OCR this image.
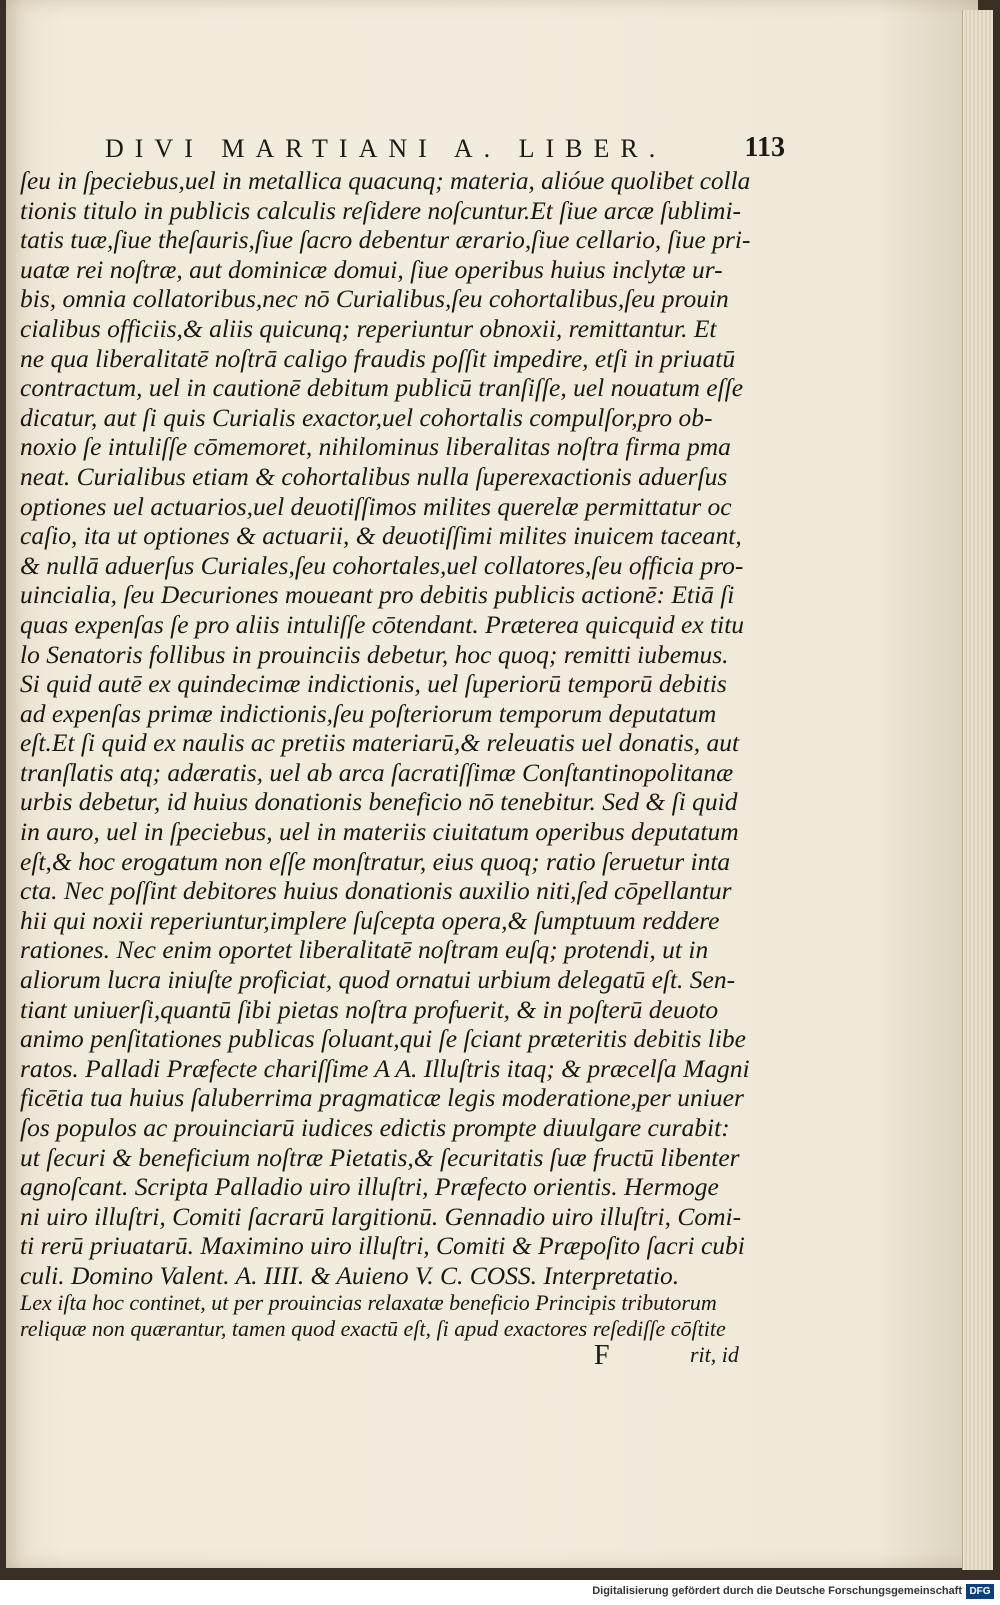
DIVI MARTIANI A. LIBER.	113
ſeu in ſpeciebus,uel in metallica quacunq; materia, alióue quolibet colla
tionis titulo in publicis calculis reſidere noſcuntur.Et ſiue arcæ ſublimi-
tatis tuæ,ſiue theſauris,ſiue ſacro debentur ærario,ſiue cellario, ſiue pri-
uatæ rei noſtræ, aut dominicæ domui, ſiue operibus huius inclytæ ur-
bis, omnia collatoribus,nec nō Curialibus,ſeu cohortalibus,ſeu prouin
cialibus officiis,& aliis quicunq; reperiuntur obnoxii, remittantur. Et
ne qua liberalitatē noſtrā caligo fraudis poſſit impedire, etſi in priuatū
contractum, uel in cautionē debitum publicū tranſiſſe, uel nouatum eſſe
dicatur, aut ſi quis Curialis exactor,uel cohortalis compulſor,pro ob-
noxio ſe intuliſſe cōmemoret, nihilominus liberalitas noſtra firma pma
neat. Curialibus etiam & cohortalibus nulla ſuperexactionis aduerſus
optiones uel actuarios,uel deuotiſſimos milites querelæ permittatur oc
caſio, ita ut optiones & actuarii, & deuotiſſimi milites inuicem taceant,
& nullā aduerſus Curiales,ſeu cohortales,uel collatores,ſeu officia pro-
uincialia, ſeu Decuriones moueant pro debitis publicis actionē: Etiā ſi
quas expenſas ſe pro aliis intuliſſe cōtendant. Præterea quicquid ex titu
lo Senatoris follibus in prouinciis debetur, hoc quoq; remitti iubemus.
Si quid autē ex quindecimæ indictionis, uel ſuperiorū temporū debitis
ad expenſas primæ indictionis,ſeu poſteriorum temporum deputatum
eſt.Et ſi quid ex naulis ac pretiis materiarū,& releuatis uel donatis, aut
tranſlatis atq; adæratis, uel ab arca ſacratiſſimæ Conſtantinopolitanæ
urbis debetur, id huius donationis beneficio nō tenebitur. Sed & ſi quid
in auro, uel in ſpeciebus, uel in materiis ciuitatum operibus deputatum
eſt,& hoc erogatum non eſſe monſtratur, eius quoq; ratio ſeruetur inta
cta. Nec poſſint debitores huius donationis auxilio niti,ſed cōpellantur
hii qui noxii reperiuntur,implere ſuſcepta opera,& ſumptuum reddere
rationes. Nec enim oportet liberalitatē noſtram euſq; protendi, ut in
aliorum lucra iniuſte proficiat, quod ornatui urbium delegatū eſt. Sen-
tiant uniuerſi,quantū ſibi pietas noſtra profuerit, & in poſterū deuoto
animo penſitationes publicas ſoluant,qui ſe ſciant præteritis debitis libe
ratos. Palladi Præfecte chariſſime A A. Illuſtris itaq; & præcelſa Magni
ficētia tua huius ſaluberrima pragmaticæ legis moderatione,per uniuer
ſos populos ac prouinciarū iudices edictis prompte diuulgare curabit:
ut ſecuri & beneficium noſtræ Pietatis,& ſecuritatis ſuæ fructū libenter
agnoſcant. Scripta Palladio uiro illuſtri, Præfecto orientis. Hermoge
ni uiro illuſtri, Comiti ſacrarū largitionū. Gennadio uiro illuſtri, Comi-
ti rerū priuatarū. Maximino uiro illuſtri, Comiti & Præpoſito ſacri cubi
culi. Domino Valent. A. IIII. & Auieno V. C. COSS. Interpretatio.
Lex iſta hoc continet, ut per prouincias relaxatæ beneficio Principis tributorum
reliquæ non quærantur, tamen quod exactū eſt, ſi apud exactores reſediſſe cōſtite
F	rit, id
Digitalisierung gefördert durch die Deutsche Forschungsgemeinschaft DFG
